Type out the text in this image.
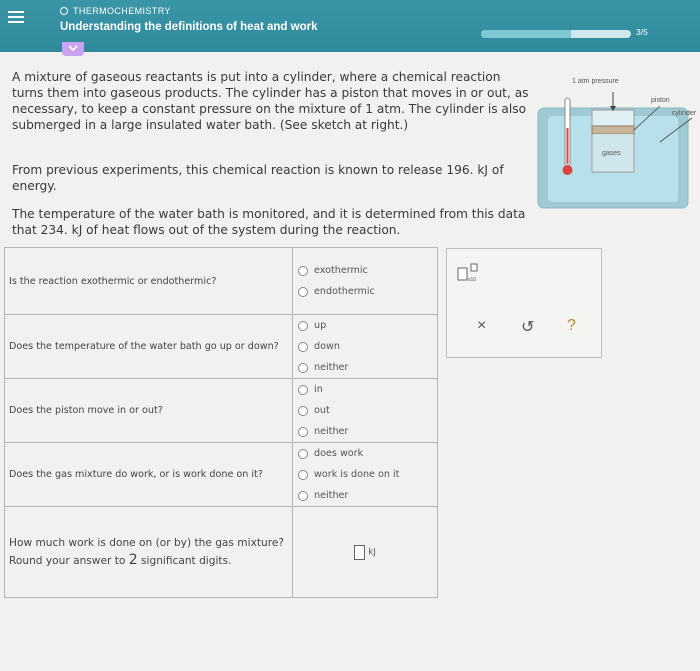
THERMOCHEMISTRY
Understanding the definitions of heat and work	3/5
A mixture of gaseous reactants is put into a cylinder, where a chemical reaction turns them into gaseous products. The cylinder has a piston that moves in or out, as necessary, to keep a constant pressure on the mixture of 1 atm. The cylinder is also submerged in a large insulated water bath. (See sketch at right.)
From previous experiments, this chemical reaction is known to release 196. kJ of energy.
The temperature of the water bath is monitored, and it is determined from this data that 234. kJ of heat flows out of the system during the reaction.
1 atm pressure
piston
cylinder
gases
Is the reaction exothermic or endothermic?	exothermic
endothermic

Does the temperature of the water bath go up or down?	up
down
neither

Does the piston move in or out?	in
out
neither

Does the gas mixture do work, or is work done on it?	does work
work is done on it
neither

How much work is done on (or by) the gas mixture? Round your answer to 2 significant digits.	kJ
x10
× ↺ ?
